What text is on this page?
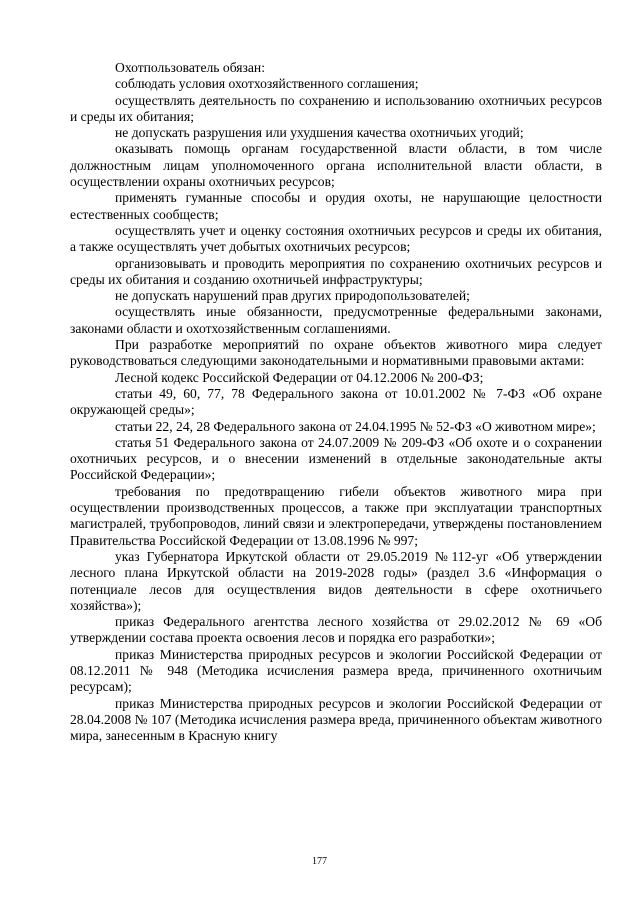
Охотпользователь обязан:

соблюдать условия охотхозяйственного соглашения;

осуществлять деятельность по сохранению и использованию охотничьих ресурсов и среды их обитания;

не допускать разрушения или ухудшения качества охотничьих угодий;

оказывать помощь органам государственной власти области, в том числе должностным лицам уполномоченного органа исполнительной власти области, в осуществлении охраны охотничьих ресурсов;

применять гуманные способы и орудия охоты, не нарушающие целостности естественных сообществ;

осуществлять учет и оценку состояния охотничьих ресурсов и среды их обитания, а также осуществлять учет добытых охотничьих ресурсов;

организовывать и проводить мероприятия по сохранению охотничьих ресурсов и среды их обитания и созданию охотничьей инфраструктуры;

не допускать нарушений прав других природопользователей;

осуществлять иные обязанности, предусмотренные федеральными законами, законами области и охотхозяйственным соглашениями.

При разработке мероприятий по охране объектов животного мира следует руководствоваться следующими законодательными и нормативными правовыми актами:

Лесной кодекс Российской Федерации от 04.12.2006 № 200-ФЗ;

статьи 49, 60, 77, 78 Федерального закона от 10.01.2002 № 7-ФЗ «Об охране окружающей среды»;

статьи 22, 24, 28 Федерального закона от 24.04.1995 № 52-ФЗ «О животном мире»;

статья 51 Федерального закона от 24.07.2009 № 209-ФЗ «Об охоте и о сохранении охотничьих ресурсов, и о внесении изменений в отдельные законодательные акты Российской Федерации»;

требования по предотвращению гибели объектов животного мира при осуществлении производственных процессов, а также при эксплуатации транспортных магистралей, трубопроводов, линий связи и электропередачи, утверждены постановлением Правительства Российской Федерации от 13.08.1996 № 997;

указ Губернатора Иркутской области от 29.05.2019 №112-уг «Об утверждении лесного плана Иркутской области на 2019-2028 годы» (раздел 3.6 «Информация о потенциале лесов для осуществления видов деятельности в сфере охотничьего хозяйства»);

приказ Федерального агентства лесного хозяйства от 29.02.2012 № 69 «Об утверждении состава проекта освоения лесов и порядка его разработки»;

приказ Министерства природных ресурсов и экологии Российской Федерации от 08.12.2011 № 948 (Методика исчисления размера вреда, причиненного охотничьим ресурсам);

приказ Министерства природных ресурсов и экологии Российской Федерации от 28.04.2008 № 107 (Методика исчисления размера вреда, причиненного объектам животного мира, занесенным в Красную книгу

177
